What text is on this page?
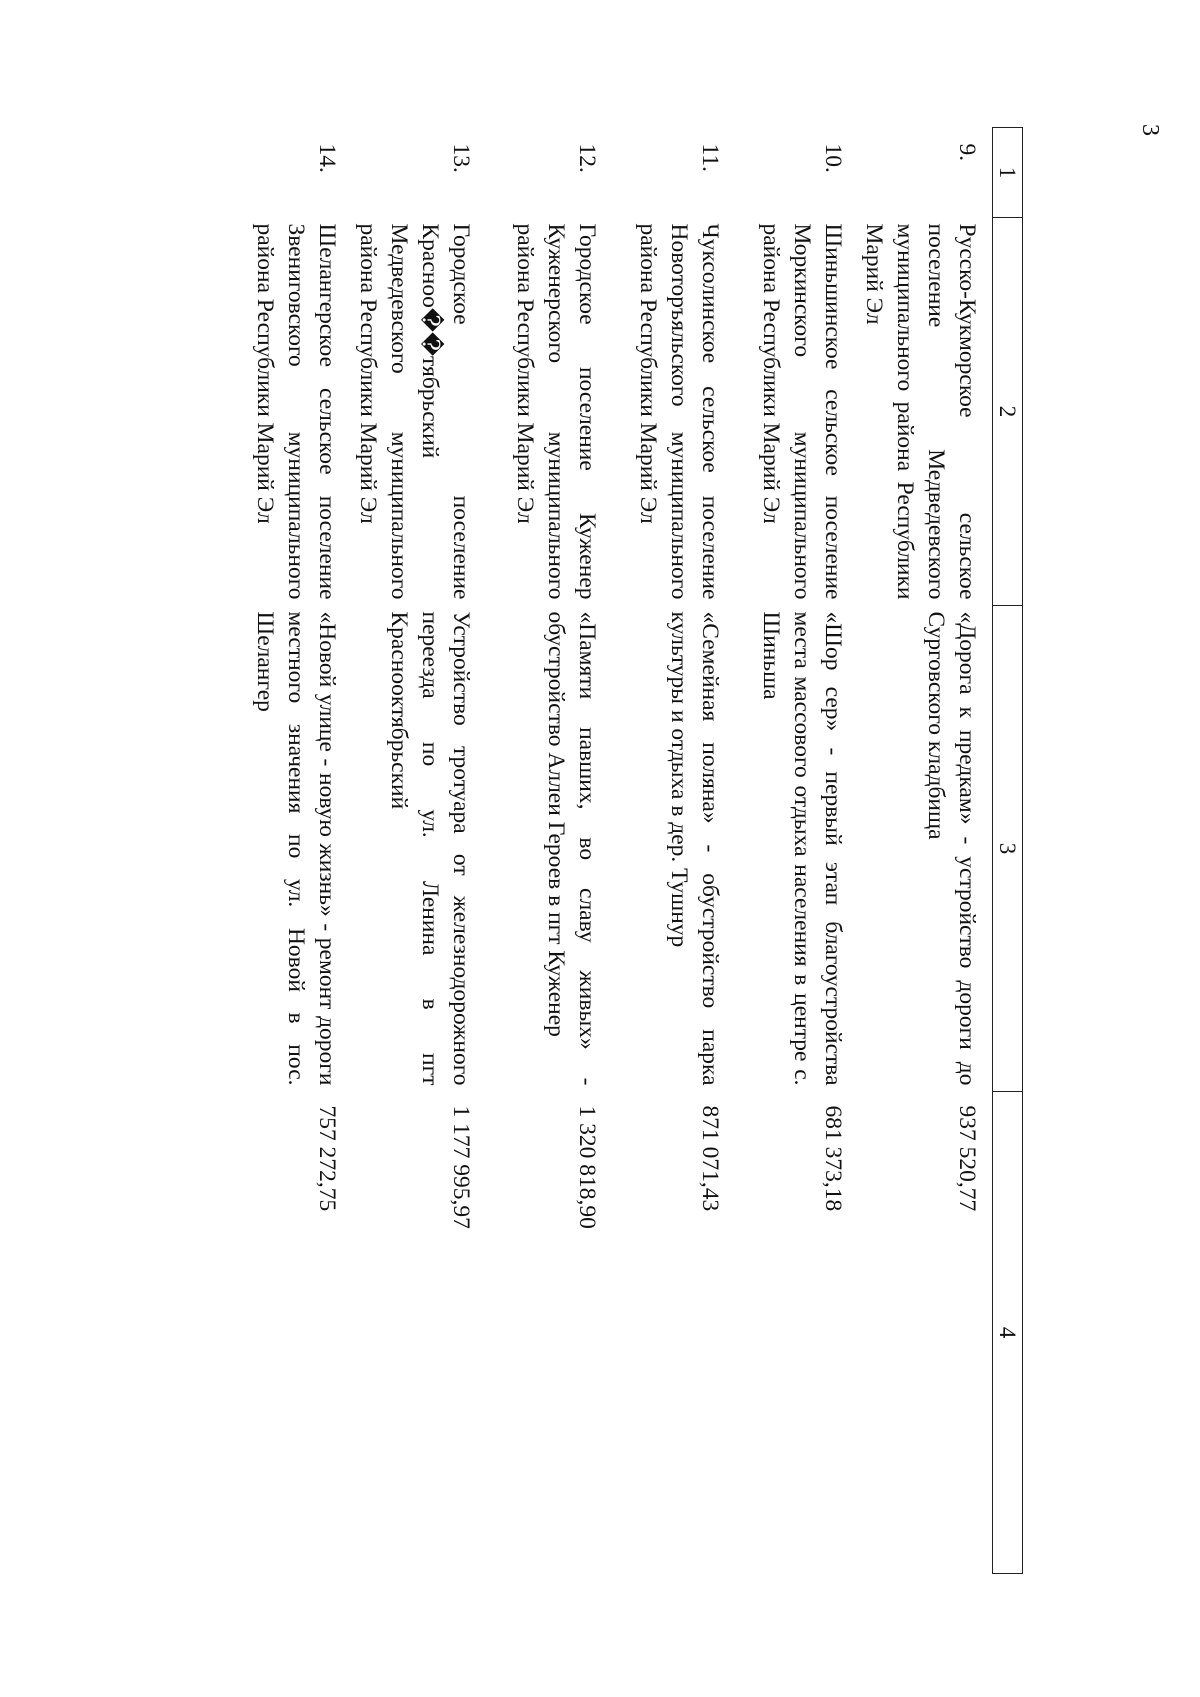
3
1	2	3	4
9.	Русско-Кукморское сельское поселение Медведевского муниципального района Республики Марий Эл	«Дорога к предкам» - устройство дороги до Сурговского кладбища	937 520,77
10.	Шиньшинское сельское поселение Моркинского муниципального района Республики Марий Эл	«Шор сер» - первый этап благоустройства места массового отдыха населения в центре с. Шиньша	681 373,18
11.	Чуксолинское сельское поселение Новоторъяльского муниципального района Республики Марий Эл	«Семейная поляна» - обустройство парка культуры и отдыха в дер. Тушнур	871 071,43
12.	Городское поселение Куженер Куженерского муниципального района Республики Марий Эл	«Памяти павших, во славу живых» - обустройство Аллеи Героев в пгт Куженер	1 320 818,90
13.	Городское поселение Красноо��тябрьский Медведевского муниципального района Республики Марий Эл	Устройство тротуара от железнодорожного переезда по ул. Ленина в пгт Красноoктябрьский	1 177 995,97
14.	Шелангерское сельское поселение Звениговского муниципального района Республики Марий Эл	«Новой улице - новую жизнь» - ремонт дороги местного значения по ул. Новой в пос. Шелангер	757 272,75
